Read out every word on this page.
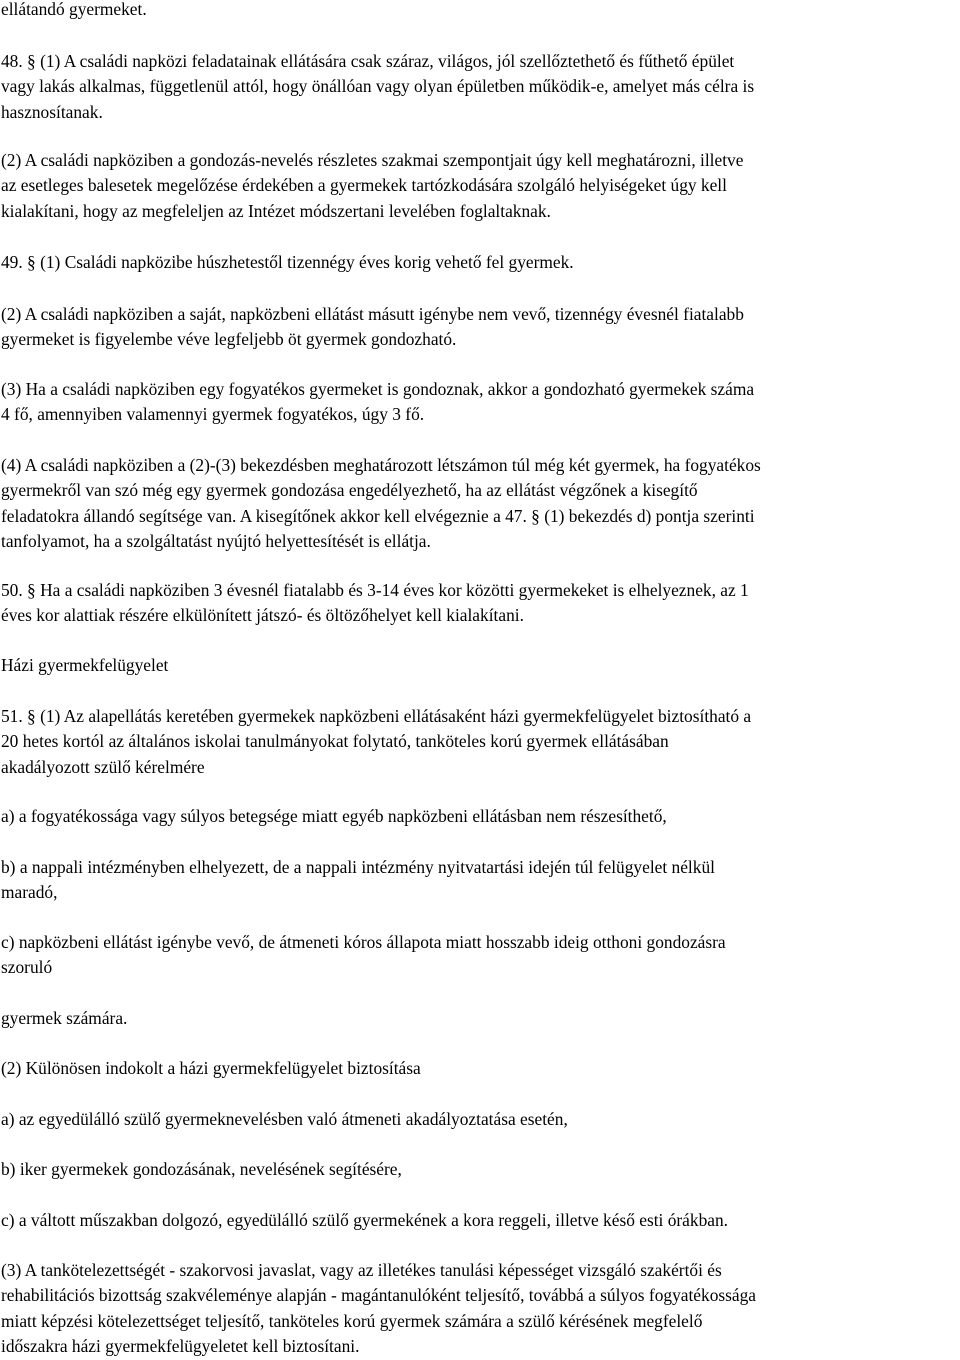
ellátandó gyermeket.

48. § (1) A családi napközi feladatainak ellátására csak száraz, világos, jól szellőztethető és fűthető épület
vagy lakás alkalmas, függetlenül attól, hogy önállóan vagy olyan épületben működik-e, amelyet más célra is
hasznosítanak.

(2) A családi napköziben a gondozás-nevelés részletes szakmai szempontjait úgy kell meghatározni, illetve
az esetleges balesetek megelőzése érdekében a gyermekek tartózkodására szolgáló helyiségeket úgy kell
kialakítani, hogy az megfeleljen az Intézet módszertani levelében foglaltaknak.

49. § (1) Családi napközibe húszhetestől tizennégy éves korig vehető fel gyermek.

(2) A családi napköziben a saját, napközbeni ellátást másutt igénybe nem vevő, tizennégy évesnél fiatalabb
gyermeket is figyelembe véve legfeljebb öt gyermek gondozható.

(3) Ha a családi napköziben egy fogyatékos gyermeket is gondoznak, akkor a gondozható gyermekek száma
4 fő, amennyiben valamennyi gyermek fogyatékos, úgy 3 fő.

(4) A családi napköziben a (2)-(3) bekezdésben meghatározott létszámon túl még két gyermek, ha fogyatékos
gyermekről van szó még egy gyermek gondozása engedélyezhető, ha az ellátást végzőnek a kisegítő
feladatokra állandó segítsége van. A kisegítőnek akkor kell elvégeznie a 47. § (1) bekezdés d) pontja szerinti
tanfolyamot, ha a szolgáltatást nyújtó helyettesítését is ellátja.

50. § Ha a családi napköziben 3 évesnél fiatalabb és 3-14 éves kor közötti gyermekeket is elhelyeznek, az 1
éves kor alattiak részére elkülönített játszó- és öltözőhelyet kell kialakítani.

Házi gyermekfelügyelet

51. § (1) Az alapellátás keretében gyermekek napközbeni ellátásaként házi gyermekfelügyelet biztosítható a
20 hetes kortól az általános iskolai tanulmányokat folytató, tanköteles korú gyermek ellátásában
akadályozott szülő kérelmére

a) a fogyatékossága vagy súlyos betegsége miatt egyéb napközbeni ellátásban nem részesíthető,

b) a nappali intézményben elhelyezett, de a nappali intézmény nyitvatartási idején túl felügyelet nélkül
maradó,

c) napközbeni ellátást igénybe vevő, de átmeneti kóros állapota miatt hosszabb ideig otthoni gondozásra
szoruló

gyermek számára.

(2) Különösen indokolt a házi gyermekfelügyelet biztosítása

a) az egyedülálló szülő gyermeknevelésben való átmeneti akadályoztatása esetén,

b) iker gyermekek gondozásának, nevelésének segítésére,

c) a váltott műszakban dolgozó, egyedülálló szülő gyermekének a kora reggeli, illetve késő esti órákban.

(3) A tankötelezettségét - szakorvosi javaslat, vagy az illetékes tanulási képességet vizsgáló szakértői és
rehabilitációs bizottság szakvéleménye alapján - magántanulóként teljesítő, továbbá a súlyos fogyatékossága
miatt képzési kötelezettséget teljesítő, tanköteles korú gyermek számára a szülő kérésének megfelelő
időszakra házi gyermekfelügyeletet kell biztosítani.
